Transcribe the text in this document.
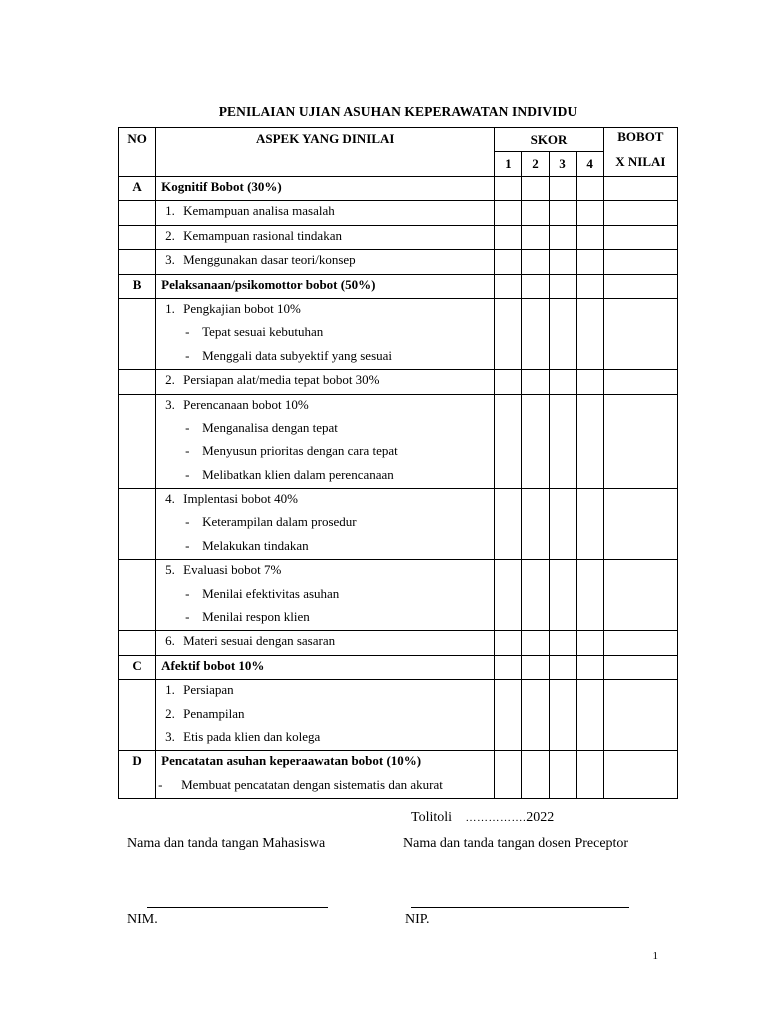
PENILAIAN UJIAN ASUHAN KEPERAWATAN INDIVIDU
NO	ASPEK YANG DINILAI	SKOR				BOBOT
X NILAI

		1	2	3	4	

A	Kognitif Bobot (30%)					

	1. Kemampuan analisa masalah					

	2. Kemampuan rasional tindakan					

	3. Menggunakan dasar teori/konsep					

B	Pelaksanaan/psikomottor bobot (50%)					

	1. Pengkajian bobot 10%
- Tepat sesuai kebutuhan
- Menggali data subyektif yang sesuai					

	2. Persiapan alat/media tepat bobot 30%					

	3. Perencanaan bobot 10%
- Menganalisa dengan tepat
- Menyusun prioritas dengan cara tepat
- Melibatkan klien dalam perencanaan					

	4. Implentasi bobot 40%
- Keterampilan dalam prosedur
- Melakukan tindakan					

	5. Evaluasi bobot 7%
- Menilai efektivitas asuhan
- Menilai respon klien					

	6. Materi sesuai dengan sasaran					

C	Afektif bobot 10%					

	1. Persiapan
2. Penampilan
3. Etis pada klien dan kolega					

D	Pencatatan asuhan keperaawatan bobot (10%)
- Membuat pencatatan dengan sistematis dan akurat					

Tolitoli …………….2022
Nama dan tanda tangan Mahasiswa	Nama dan tanda tangan dosen Preceptor
NIM.	NIP.
1
